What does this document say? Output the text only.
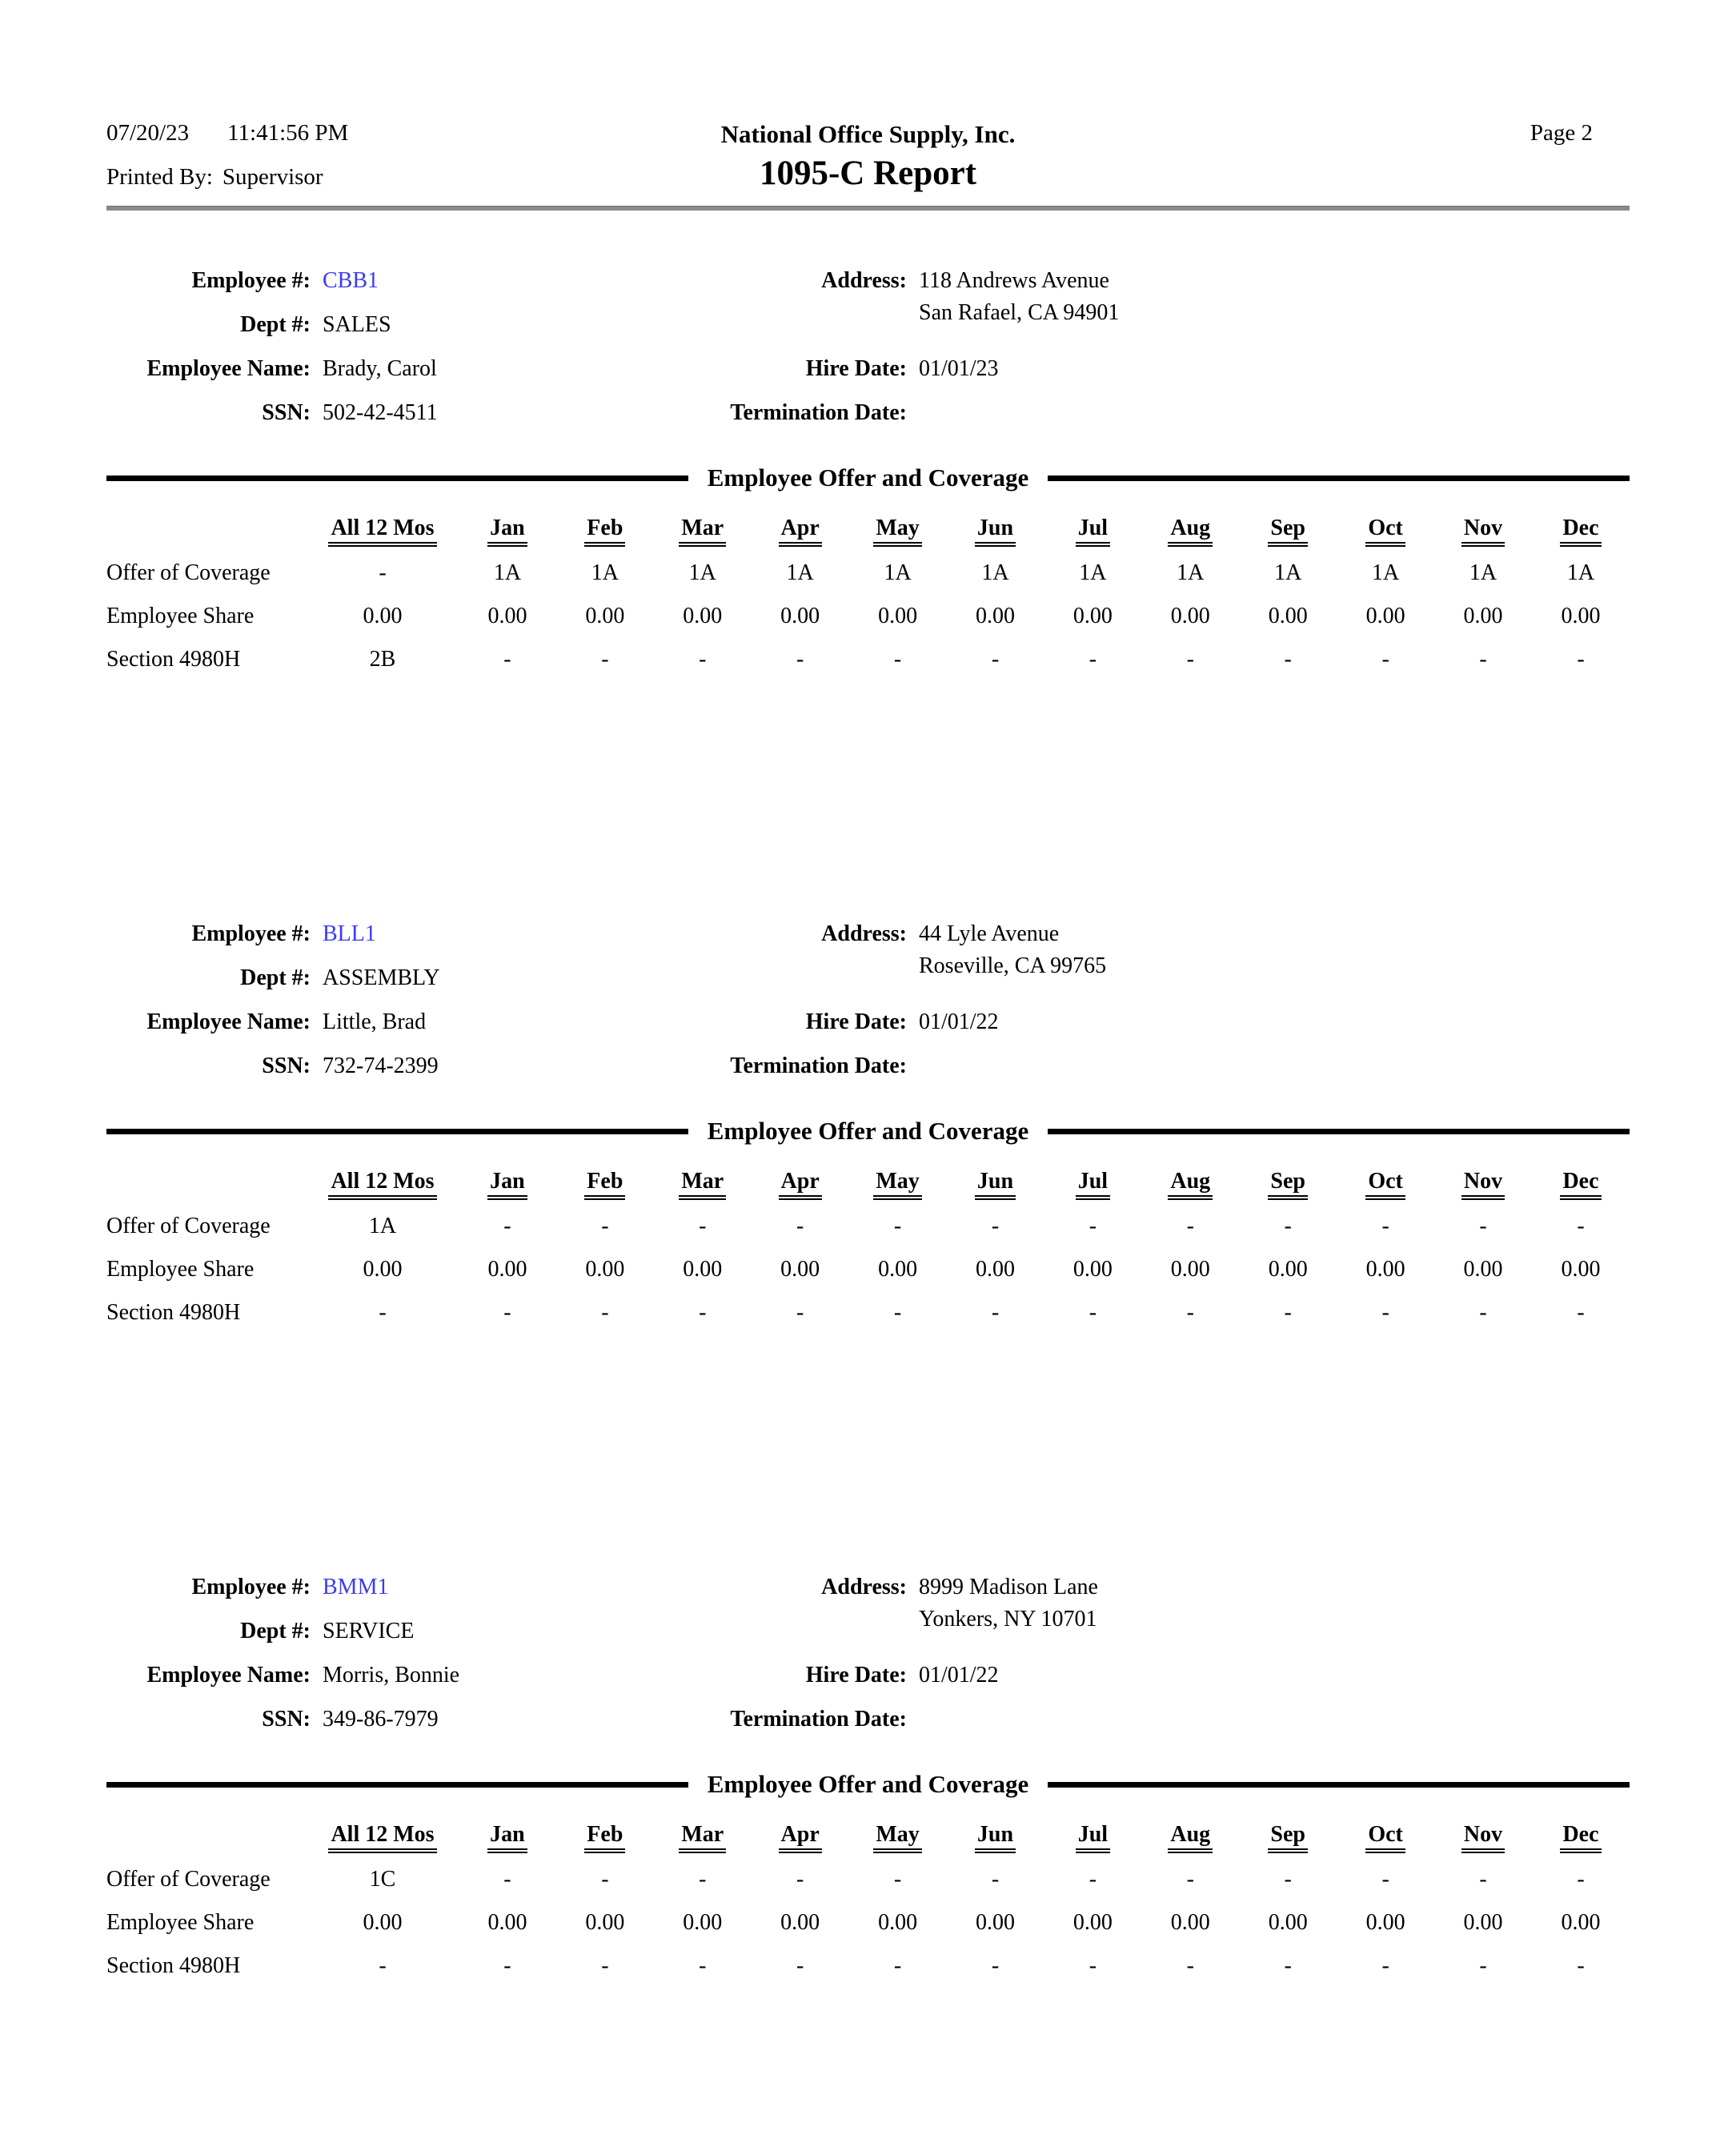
07/20/23 11:41:56 PM
Printed By: Supervisor
National Office Supply, Inc.
1095-C Report
Page 2
Employee #: CBB1
Dept #: SALES
Employee Name: Brady, Carol
SSN: 502-42-4511
Address: 118 Andrews Avenue
San Rafael, CA 94901
Hire Date: 01/01/23
Termination Date:
Employee Offer and Coverage
	All 12 Mos	Jan	Feb	Mar	Apr	May	Jun	Jul	Aug	Sep	Oct	Nov	Dec
Offer of Coverage	-	1A	1A	1A	1A	1A	1A	1A	1A	1A	1A	1A	1A
Employee Share	0.00	0.00	0.00	0.00	0.00	0.00	0.00	0.00	0.00	0.00	0.00	0.00	0.00
Section 4980H	2B	-	-	-	-	-	-	-	-	-	-	-	-
Employee #: BLL1
Dept #: ASSEMBLY
Employee Name: Little, Brad
SSN: 732-74-2399
Address: 44 Lyle Avenue
Roseville, CA 99765
Hire Date: 01/01/22
Termination Date:
Employee Offer and Coverage
	All 12 Mos	Jan	Feb	Mar	Apr	May	Jun	Jul	Aug	Sep	Oct	Nov	Dec
Offer of Coverage	1A	-	-	-	-	-	-	-	-	-	-	-	-
Employee Share	0.00	0.00	0.00	0.00	0.00	0.00	0.00	0.00	0.00	0.00	0.00	0.00	0.00
Section 4980H	-	-	-	-	-	-	-	-	-	-	-	-	-
Employee #: BMM1
Dept #: SERVICE
Employee Name: Morris, Bonnie
SSN: 349-86-7979
Address: 8999 Madison Lane
Yonkers, NY 10701
Hire Date: 01/01/22
Termination Date:
Employee Offer and Coverage
	All 12 Mos	Jan	Feb	Mar	Apr	May	Jun	Jul	Aug	Sep	Oct	Nov	Dec
Offer of Coverage	1C	-	-	-	-	-	-	-	-	-	-	-	-
Employee Share	0.00	0.00	0.00	0.00	0.00	0.00	0.00	0.00	0.00	0.00	0.00	0.00	0.00
Section 4980H	-	-	-	-	-	-	-	-	-	-	-	-	-
